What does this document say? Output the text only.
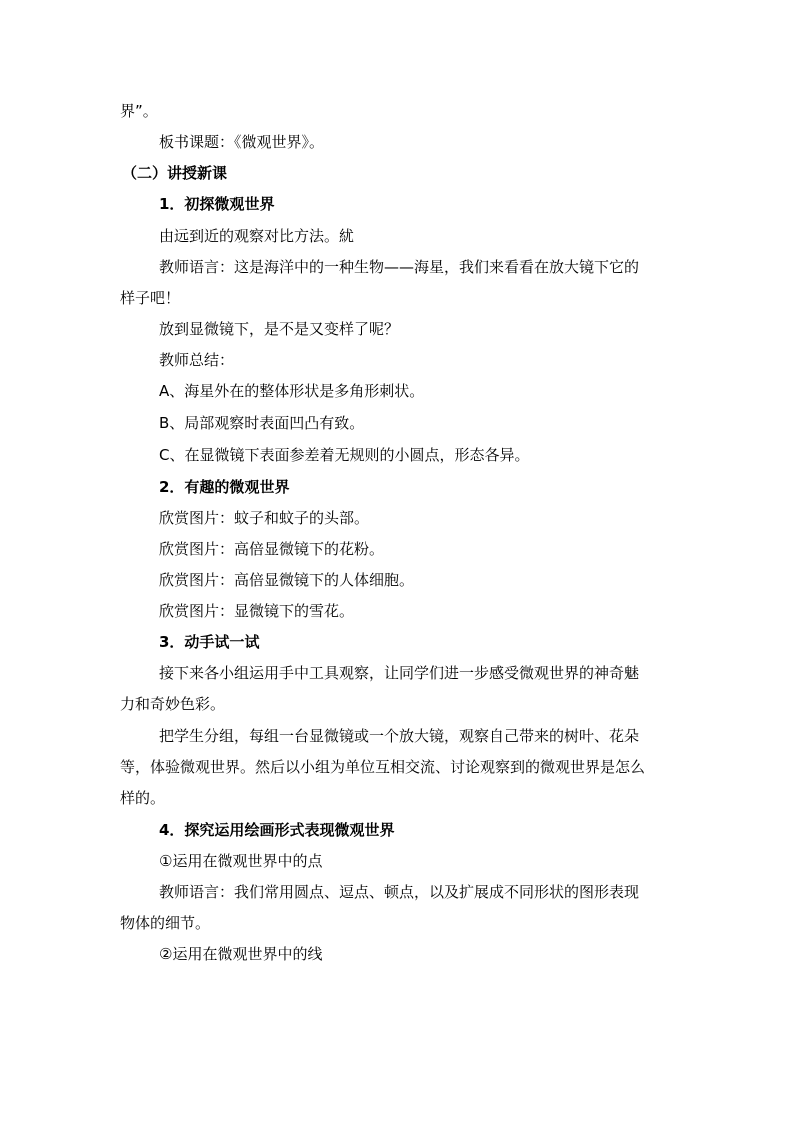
界”。
板书课题：《微观世界》。
（二）讲授新课
1．初探微观世界
由远到近的观察对比方法。紌
教师语言：这是海洋中的一种生物——海星，我们来看看在放大镜下它的
样子吧！
放到显微镜下，是不是又变样了呢？
教师总结：
A、海星外在的整体形状是多角形刺状。
B、局部观察时表面凹凸有致。
C、在显微镜下表面参差着无规则的小圆点，形态各异。
2．有趣的微观世界
欣赏图片：蚊子和蚊子的头部。
欣赏图片：高倍显微镜下的花粉。
欣赏图片：高倍显微镜下的人体细胞。
欣赏图片：显微镜下的雪花。
3．动手试一试
接下来各小组运用手中工具观察，让同学们进一步感受微观世界的神奇魅
力和奇妙色彩。
把学生分组，每组一台显微镜或一个放大镜，观察自己带来的树叶、花朵
等，体验微观世界。然后以小组为单位互相交流、讨论观察到的微观世界是怎么
样的。
4．探究运用绘画形式表现微观世界
①运用在微观世界中的点
教师语言：我们常用圆点、逗点、顿点，以及扩展成不同形状的图形表现
物体的细节。
②运用在微观世界中的线
